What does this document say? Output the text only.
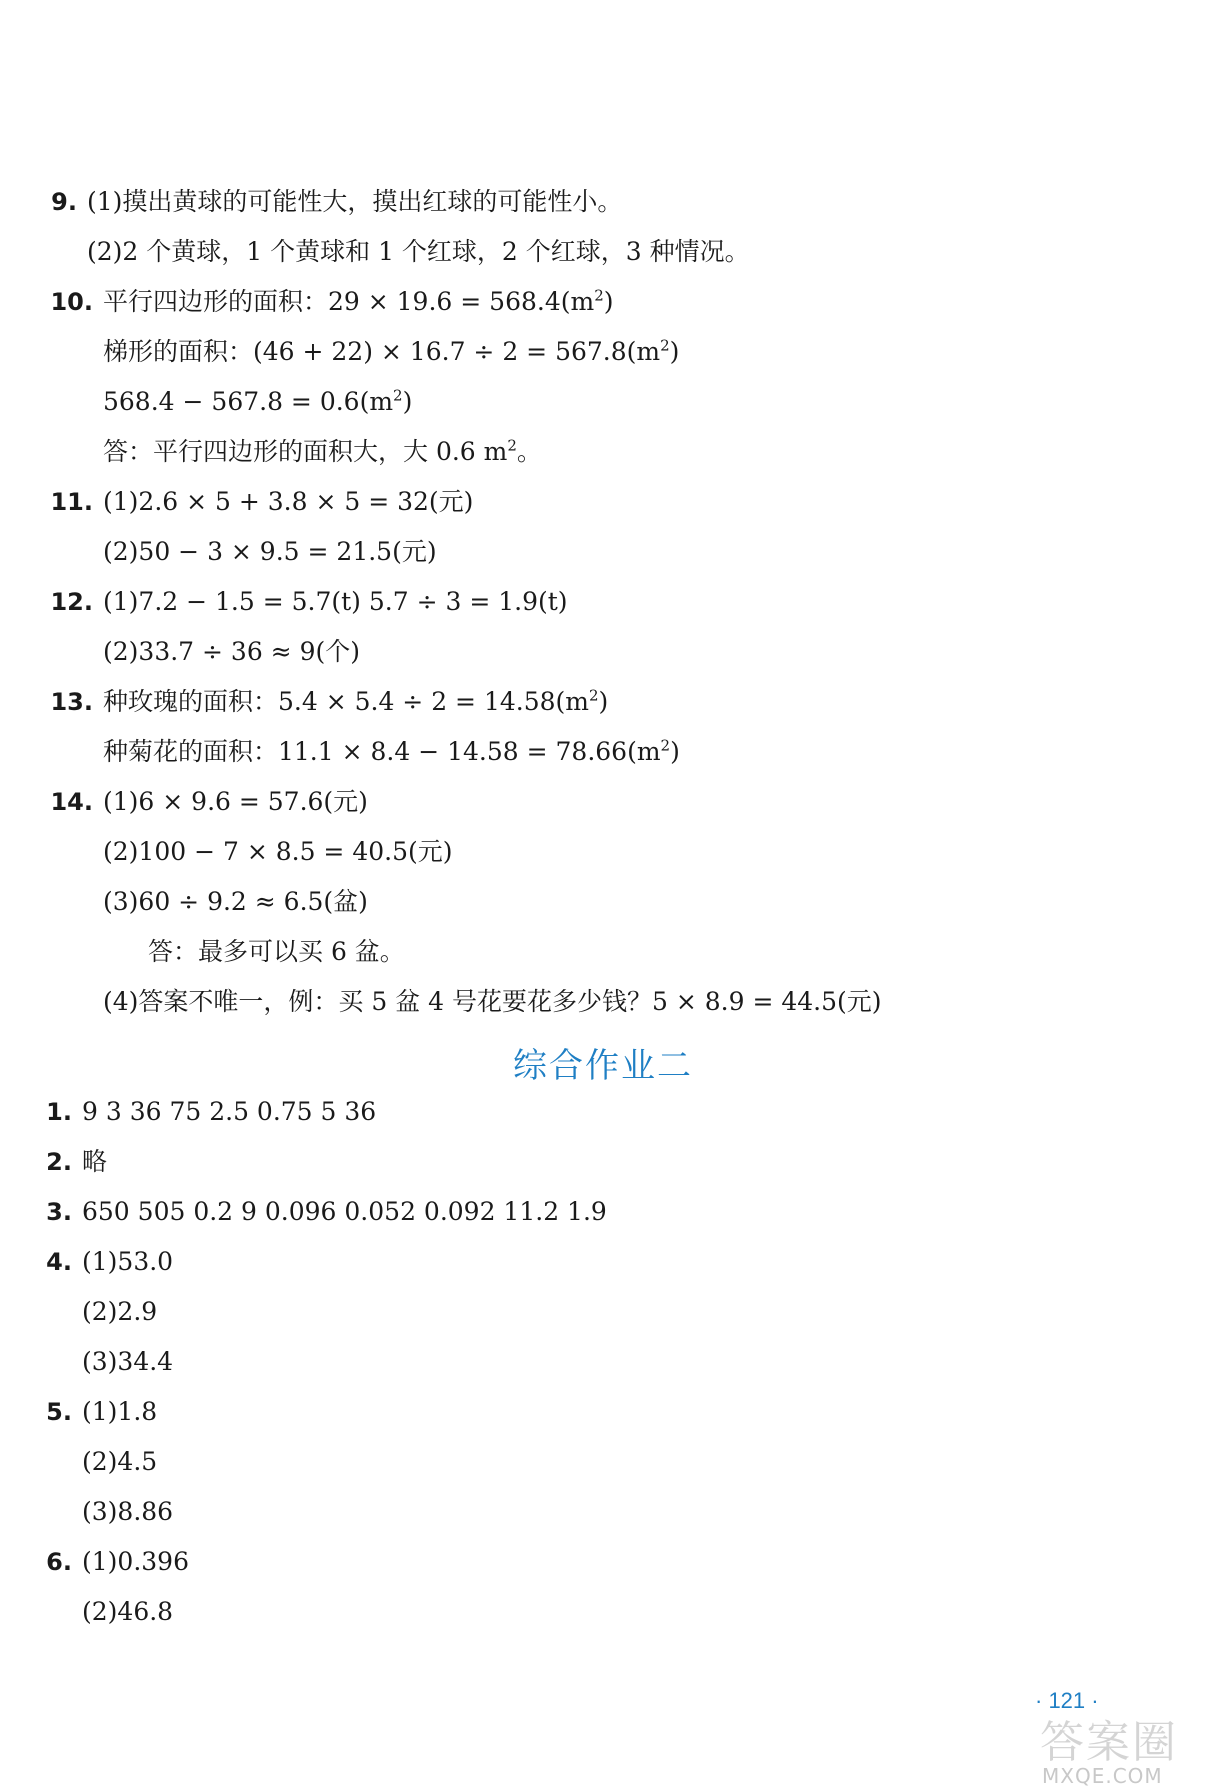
9. (1)摸出黄球的可能性大，摸出红球的可能性小。
(2)2 个黄球，1 个黄球和 1 个红球，2 个红球，3 种情况。
10. 平行四边形的面积：$29 \times 19.6 = 568.4(m^2)$
梯形的面积：$(46 + 22) \times 16.7 \div 2 = 567.8(m^2)$
$568.4 - 567.8 = 0.6(m^2)$
答：平行四边形的面积大，大 0.6 $m^2$。
11. (1)2.6 × 5 + 3.8 × 5 = 32(元)
(2)50 − 3 × 9.5 = 21.5(元)
12. (1)7.2 − 1.5 = 5.7(t) 5.7 ÷ 3 = 1.9(t)
(2)33.7 ÷ 36 ≈ 9(个)
13. 种玫瑰的面积：$5.4 \times 5.4 \div 2 = 14.58(m^2)$
种菊花的面积：$11.1 \times 8.4 - 14.58 = 78.66(m^2)$
14. (1)6 × 9.6 = 57.6(元)
(2)100 − 7 × 8.5 = 40.5(元)
(3)60 ÷ 9.2 ≈ 6.5(盆)
答：最多可以买 6 盆。
(4)答案不唯一，例：买 5 盆 4 号花要花多少钱？5 × 8.9 = 44.5(元)
综合作业二
1. 9 3 36 75 2.5 0.75 5 36
2. 略
3. 650 505 0.2 9 0.096 0.052 0.092 11.2 1.9
4. (1)53.0
(2)2.9
(3)34.4
5. (1)1.8
(2)4.5
(3)8.86
6. (1)0.396
(2)46.8
· 121 ·
答案圈
MXQE.COM
